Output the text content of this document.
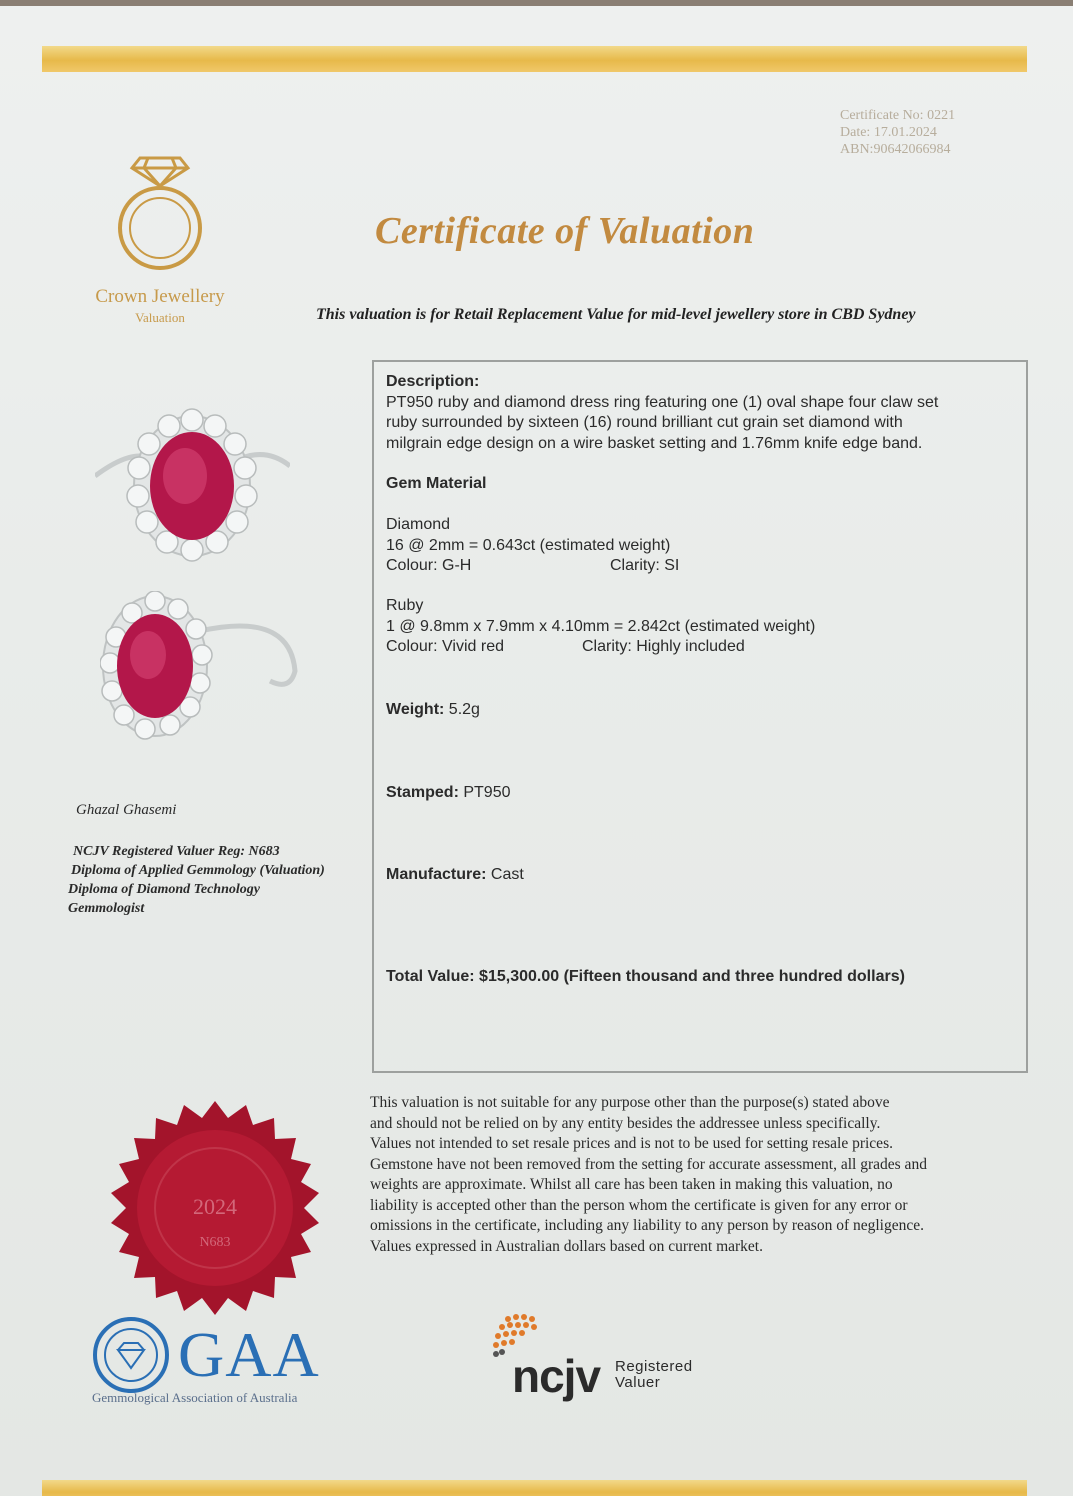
Certificate No: 0221
Date: 17.01.2024
ABN:90642066984
Crown Jewellery
Valuation
Certificate of Valuation
This valuation is for Retail Replacement Value for mid-level jewellery store in CBD Sydney
Ghazal Ghasemi
NCJV Registered Valuer Reg: N683
Diploma of Applied Gemmology (Valuation)
Diploma of Diamond Technology
Gemmologist
Description:
PT950 ruby and diamond dress ring featuring one (1) oval shape four claw set
ruby surrounded by sixteen (16) round brilliant cut grain set diamond with
milgrain edge design on a wire basket setting and 1.76mm knife edge band.
Gem Material
Diamond
16 @ 2mm = 0.643ct (estimated weight)
Colour: G-H	Clarity: SI
Ruby
1 @ 9.8mm x 7.9mm x 4.10mm = 2.842ct (estimated weight)
Colour: Vivid red	Clarity: Highly included
Weight: 5.2g
Stamped: PT950
Manufacture: Cast
Total Value: $15,300.00 (Fifteen thousand and three hundred dollars)
This valuation is not suitable for any purpose other than the purpose(s) stated above
and should not be relied on by any entity besides the addressee unless specifically.
Values not intended to set resale prices and is not to be used for setting resale prices.
Gemstone have not been removed from the setting for accurate assessment, all grades and
weights are approximate. Whilst all care has been taken in making this valuation, no
liability is accepted other than the person whom the certificate is given for any error or
omissions in the certificate, including any liability to any person by reason of negligence.
Values expressed in Australian dollars based on current market.
2024
N683
GAA
Gemmological Association of Australia	ncjv Registered
Valuer
